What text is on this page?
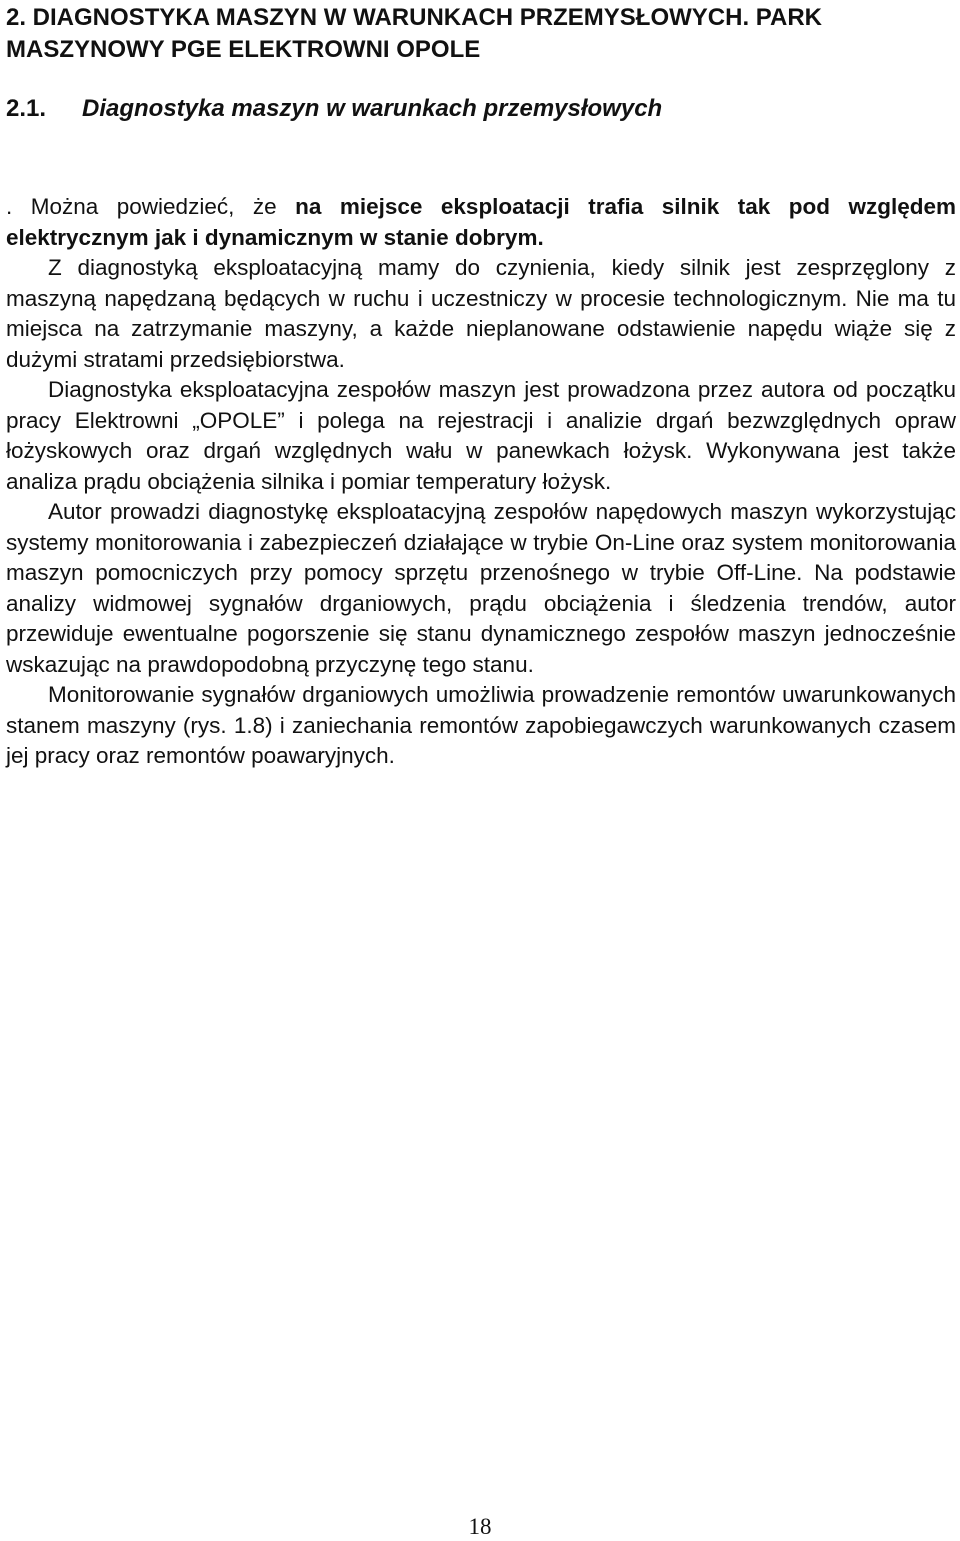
2. DIAGNOSTYKA MASZYN W WARUNKACH PRZEMYSŁOWYCH. PARK MASZYNOWY PGE ELEKTROWNI OPOLE
2.1. Diagnostyka maszyn w warunkach przemysłowych

. Można powiedzieć, że na miejsce eksploatacji trafia silnik tak pod względem elektrycznym jak i dynamicznym w stanie dobrym.

Z diagnostyką eksploatacyjną mamy do czynienia, kiedy silnik jest zesprzęglony z maszyną napędzaną będących w ruchu i uczestniczy w procesie technologicznym. Nie ma tu miejsca na zatrzymanie maszyny, a każde nieplanowane odstawienie napędu wiąże się z dużymi stratami przedsiębiorstwa.

Diagnostyka eksploatacyjna zespołów maszyn jest prowadzona przez autora od początku pracy Elektrowni „OPOLE” i polega na rejestracji i analizie drgań bezwzględnych opraw łożyskowych oraz drgań względnych wału w panewkach łożysk. Wykonywana jest także analiza prądu obciążenia silnika i pomiar temperatury łożysk.

Autor prowadzi diagnostykę eksploatacyjną zespołów napędowych maszyn wykorzystując systemy monitorowania i zabezpieczeń działające w trybie On-Line oraz system monitorowania maszyn pomocniczych przy pomocy sprzętu przenośnego w trybie Off-Line. Na podstawie analizy widmowej sygnałów drganiowych, prądu obciążenia i śledzenia trendów, autor przewiduje ewentualne pogorszenie się stanu dynamicznego zespołów maszyn jednocześnie wskazując na prawdopodobną przyczynę tego stanu.

Monitorowanie sygnałów drganiowych umożliwia prowadzenie remontów uwarunkowanych stanem maszyny (rys. 1.8) i zaniechania remontów zapobiegawczych warunkowanych czasem jej pracy oraz remontów poawaryjnych.

18
